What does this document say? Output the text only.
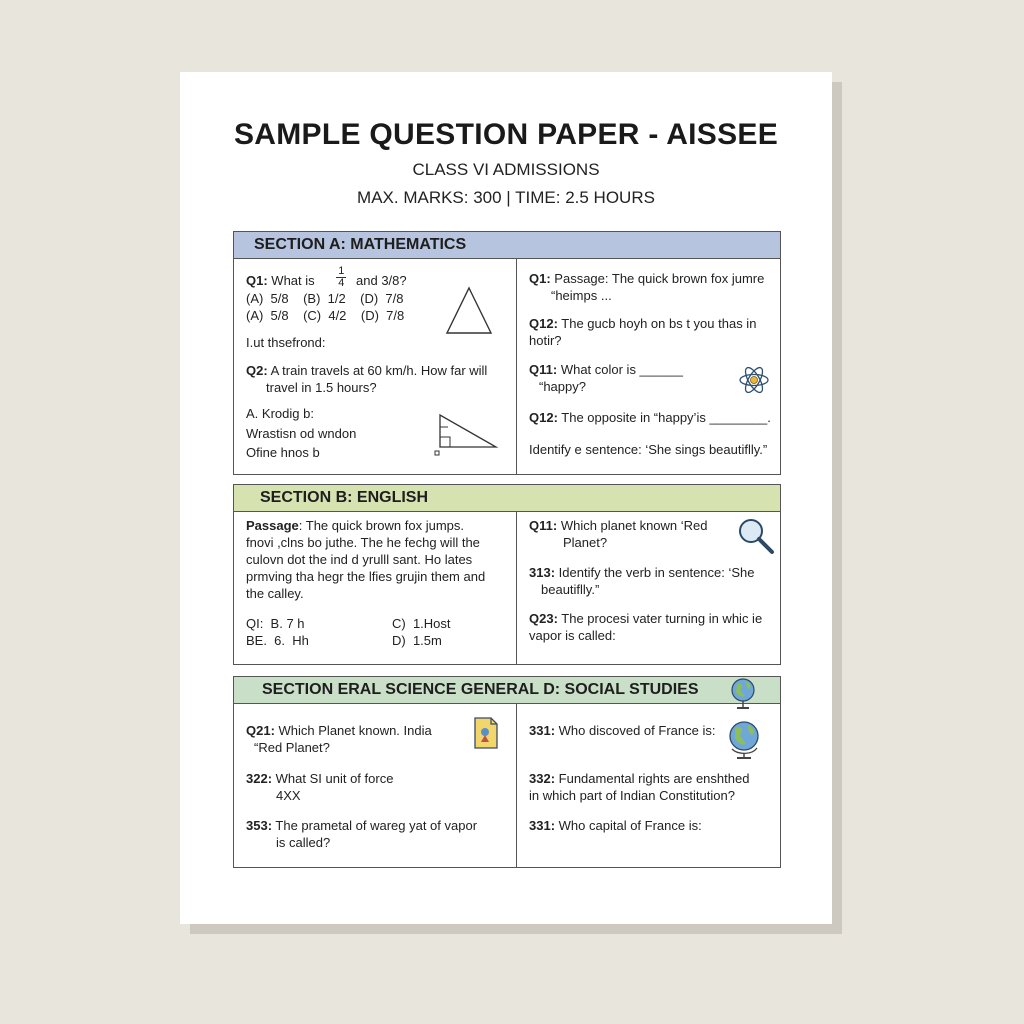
SAMPLE QUESTION PAPER - AISSEE
CLASS VI ADMISSIONS
MAX. MARKS: 300 | TIME: 2.5 HOURS
SECTION A: MATHEMATICS
Q1: What is $\frac{1}{4}$ and 3/8?
(A)  5/8    (B)  1/2    (D)  7/8
(A)  5/8    (C)  4/2    (D)  7/8
I.ut thsefrond:
Q2: A train travels at 60 km/h. How far will
travel in 1.5 hours?
A. Krodig b:
Wrastisn od wndon
Ofine hnos b
Q1: Passage: The quick brown fox jumre
“heimps ...
Q12: The gucb hoyh on bs t you thas in
hotir?
Q11: What color is ______
“happy?
Q12: The opposite in “happy’is ________.
Identify e sentence: ‘She sings beautiflly.”
SECTION B: ENGLISH
Passage: The quick brown fox jumps.
fnovi ,clns bo juthe. The he fechg will the
culovn dot the ind d yrulll sant. Ho lates
prmving tha hegr the lfies grujin them and
the calley.
QI:  B. 7 h	C)  1.Host
BE.  6.  Hh	D)  1.5m
Q11: Which planet known ‘Red
Planet?
313: Identify the verb in sentence: ‘She
beautiflly.”
Q23: The procesi vater turning in whic ie
vapor is called:
SECTION ERAL SCIENCE GENERAL D: SOCIAL STUDIES
Q21: Which Planet known. India
“Red Planet?
322: What SI unit of force
4XX
353: The prametal of wareg yat of vapor
is called?
331: Who discoved of France is:
332: Fundamental rights are enshthed
in which part of Indian Constitution?
331: Who capital of France is:
